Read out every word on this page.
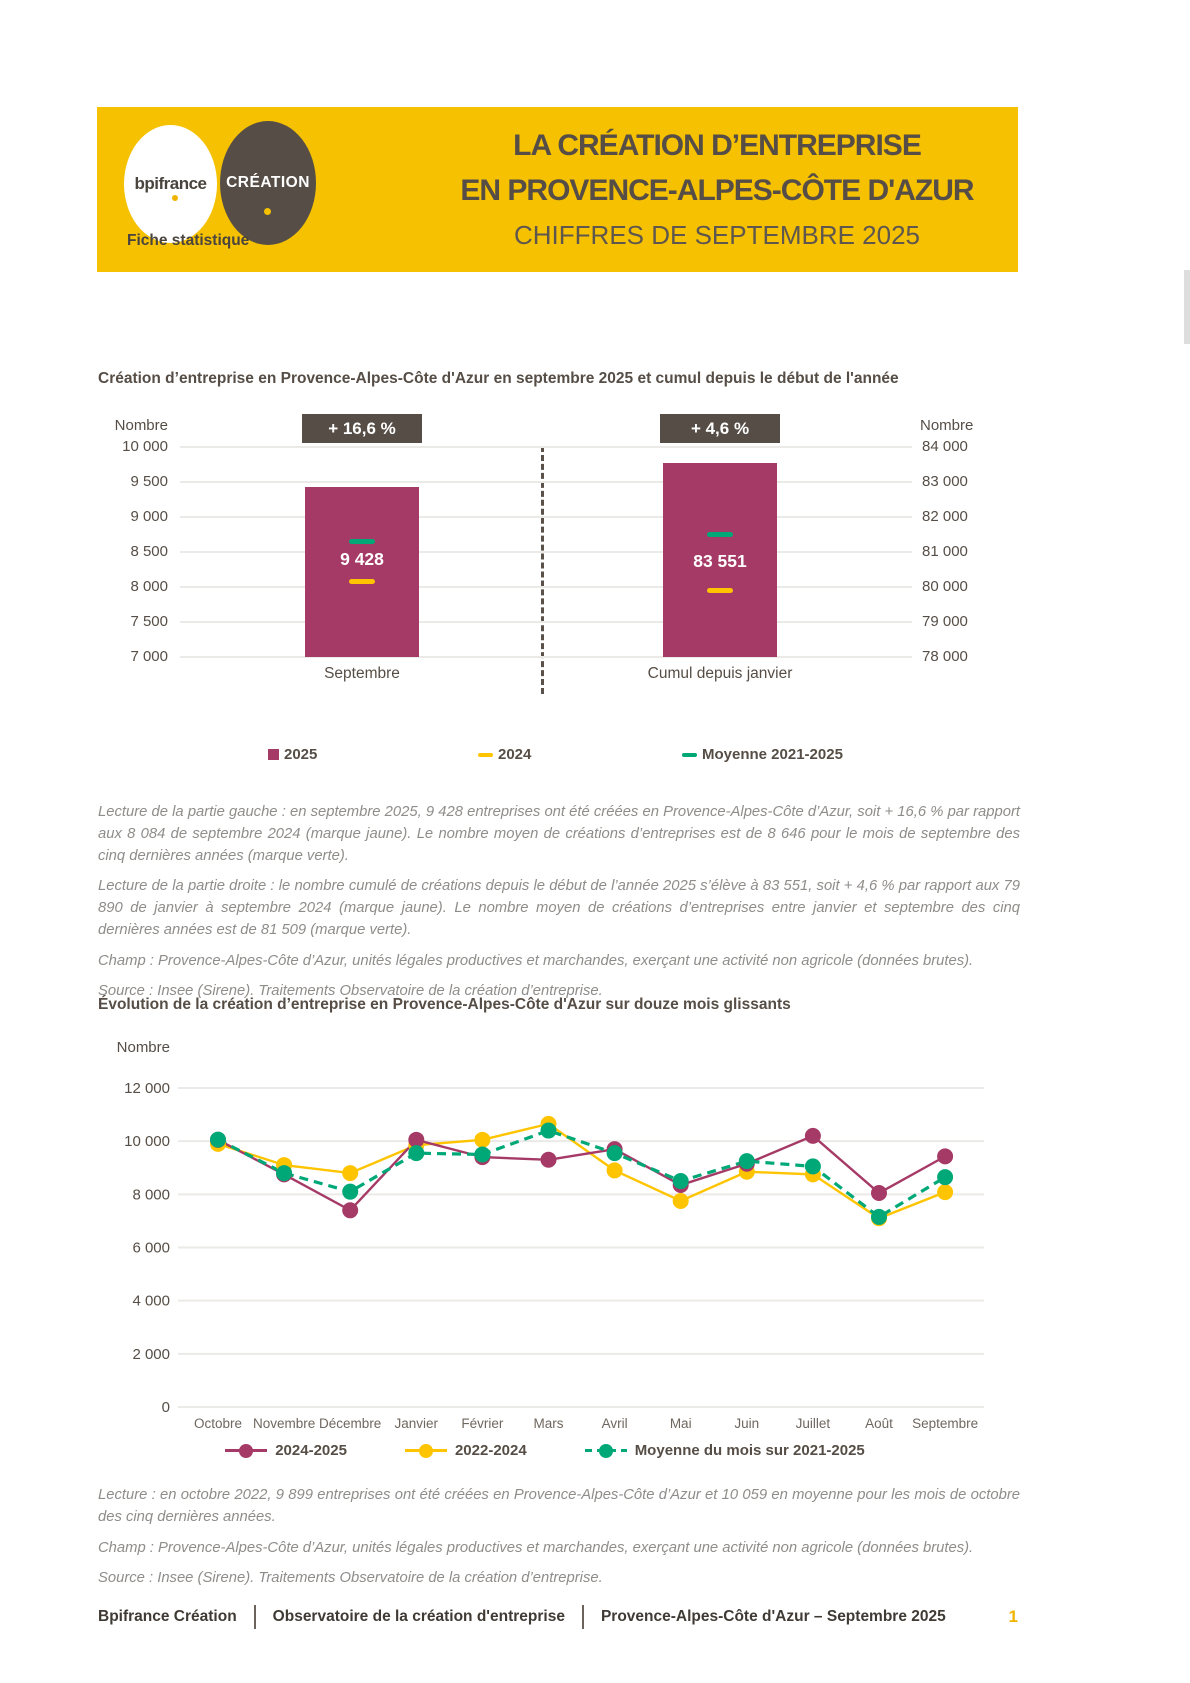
bpifrance CRÉATION
Fiche statistique
LA CRÉATION D’ENTREPRISE
EN PROVENCE-ALPES-CÔTE D'AZUR
CHIFFRES DE SEPTEMBRE 2025
Création d’entreprise en Provence-Alpes-Côte d'Azur en septembre 2025 et cumul depuis le début de l'année
Nombre	Nombre
2025	2024	Moyenne 2021-2025
10 000
9 500
9 000
8 500
8 000
7 500
7 000
+ 16,6 %
9 428
Septembre
84 000
83 000
82 000
81 000
80 000
79 000
78 000
+ 4,6 %
83 551
Cumul depuis janvier

Lecture de la partie gauche : en septembre 2025, 9 428 entreprises ont été créées en Provence-Alpes-Côte d’Azur, soit + 16,6 % par rapport aux 8 084 de septembre 2024 (marque jaune). Le nombre moyen de créations d’entreprises est de 8 646 pour le mois de septembre des cinq dernières années (marque verte).

Lecture de la partie droite : le nombre cumulé de créations depuis le début de l’année 2025 s’élève à 83 551, soit + 4,6 % par rapport aux 79 890 de janvier à septembre 2024 (marque jaune). Le nombre moyen de créations d’entreprises entre janvier et septembre des cinq dernières années est de 81 509 (marque verte).

Champ : Provence-Alpes-Côte d’Azur, unités légales productives et marchandes, exerçant une activité non agricole (données brutes).

Source : Insee (Sirene). Traitements Observatoire de la création d’entreprise.

Évolution de la création d’entreprise en Provence-Alpes-Côte d'Azur sur douze mois glissants
12 000
10 000
8 000
6 000
4 000
2 000
0
Nombre
Octobre Novembre Décembre Janvier Février Mars	Avril	Mai	Juin	Juillet	Août Septembre
2024-2025	2022-2024	Moyenne du mois sur 2021-2025

Lecture : en octobre 2022, 9 899 entreprises ont été créées en Provence-Alpes-Côte d’Azur et 10 059 en moyenne pour les mois de octobre des cinq dernières années.

Champ : Provence-Alpes-Côte d’Azur, unités légales productives et marchandes, exerçant une activité non agricole (données brutes).

Source : Insee (Sirene). Traitements Observatoire de la création d’entreprise.

Bpifrance Création Observatoire de la création d'entreprise Provence-Alpes-Côte d'Azur – Septembre 2025	1
